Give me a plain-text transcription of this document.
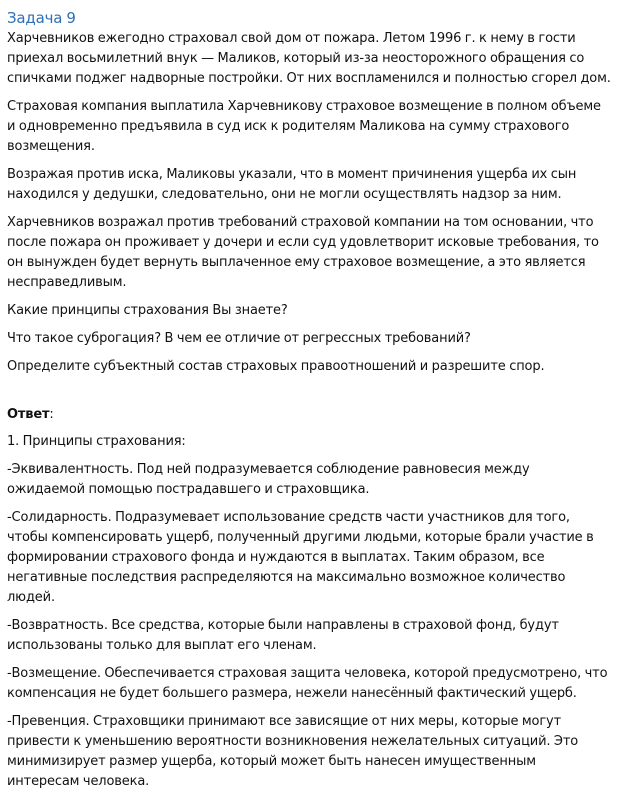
Задача 9

Харчевников ежегодно страховал свой дом от пожара. Летом 1996 г. к нему в гости приехал восьмилетний внук — Маликов, который из-за неосторожного обращения со спичками поджег надворные постройки. От них воспламенился и полностью сгорел дом.

Страховая компания выплатила Харчевникову страховое возмещение в полном объеме и одновременно предъявила в суд иск к родителям Маликова на сумму страхового возмещения.

Возражая против иска, Маликовы указали, что в момент причинения ущерба их сын находился у дедушки, следовательно, они не могли осуществлять надзор за ним.

Харчевников возражал против требований страховой компании на том основании, что после пожара он проживает у дочери и если суд удовлетворит исковые требования, то он вынужден будет вернуть выплаченное ему страховое возмещение, а это является несправедливым.

Какие принципы страхования Вы знаете?

Что такое суброгация? В чем ее отличие от регрессных требований?

Определите субъектный состав страховых правоотношений и разрешите спор.

Ответ:

1. Принципы страхования:

-Эквивалентность. Под ней подразумевается соблюдение равновесия между ожидаемой помощью пострадавшего и страховщика.

-Солидарность. Подразумевает использование средств части участников для того, чтобы компенсировать ущерб, полученный другими людьми, которые брали участие в формировании страхового фонда и нуждаются в выплатах. Таким образом, все негативные последствия распределяются на максимально возможное количество людей.

-Возвратность. Все средства, которые были направлены в страховой фонд, будут использованы только для выплат его членам.

-Возмещение. Обеспечивается страховая защита человека, которой предусмотрено, что компенсация не будет большего размера, нежели нанесённый фактический ущерб.

-Превенция. Страховщики принимают все зависящие от них меры, которые могут привести к уменьшению вероятности возникновения нежелательных ситуаций. Это минимизирует размер ущерба, который может быть нанесен имущественным интересам человека.
